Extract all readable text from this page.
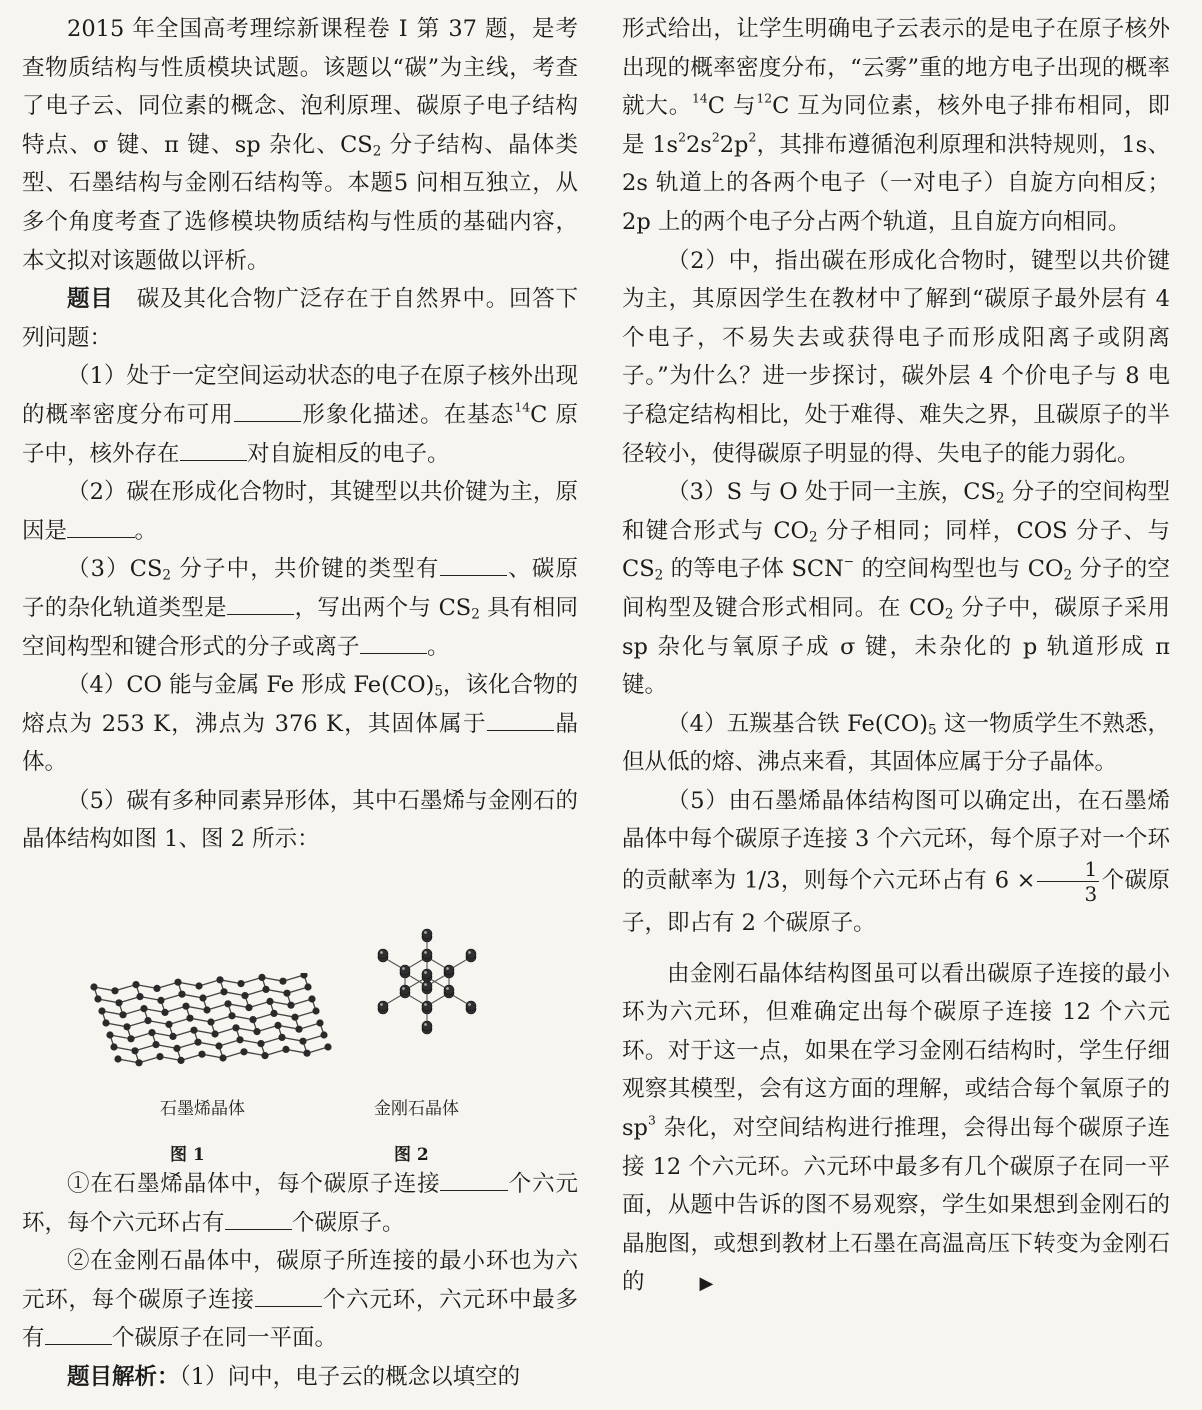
2015 年全国高考理综新课程卷 Ⅰ 第 37 题，是考查物质结构与性质模块试题。该题以“碳”为主线，考查了电子云、同位素的概念、泡利原理、碳原子电子结构特点、σ 键、π 键、sp 杂化、$CS_2$ 分子结构、晶体类型、石墨结构与金刚石结构等。本题5 问相互独立，从多个角度考查了选修模块物质结构与性质的基础内容，本文拟对该题做以评析。

题目　碳及其化合物广泛存在于自然界中。回答下列问题：

（1）处于一定空间运动状态的电子在原子核外出现的概率密度分布可用	形象化描述。在基态$^{14}$C 原子中，核外存在	对自旋相反的电子。

（2）碳在形成化合物时，其键型以共价键为主，原因是	。

$(3)CS_2$ 分子中，共价键的类型有	、碳原子的杂化轨道类型是	，写出两个与 $CS_2$ 具有相同空间构型和键合形式的分子或离子	。

（4）CO 能与金属 Fe 形成 $Fe(CO)_5$，该化合物的熔点为 253 K，沸点为 376 K，其固体属于	晶体。

（5）碳有多种同素异形体，其中石墨烯与金刚石的晶体结构如图 1、图 2 所示：

石墨烯晶体	金刚石晶体
图 1	图 2

①在石墨烯晶体中，每个碳原子连接	个六元环，每个六元环占有	个碳原子。

②在金刚石晶体中，碳原子所连接的最小环也为六元环，每个碳原子连接	个六元环，六元环中最多有	个碳原子在同一平面。

题目解析：（1）问中，电子云的概念以填空的

形式给出，让学生明确电子云表示的是电子在原子核外出现的概率密度分布，“云雾”重的地方电子出现的概率就大。$^{14}$C 与$^{12}$C 互为同位素，核外电子排布相同，即是 $1s^22s^22p^2$，其排布遵循泡利原理和洪特规则，1s、2s 轨道上的各两个电子（一对电子）自旋方向相反；2p 上的两个电子分占两个轨道，且自旋方向相同。

（2）中，指出碳在形成化合物时，键型以共价键为主，其原因学生在教材中了解到“碳原子最外层有 4 个电子，不易失去或获得电子而形成阳离子或阴离子。”为什么？进一步探讨，碳外层 4 个价电子与 8 电子稳定结构相比，处于难得、难失之界，且碳原子的半径较小，使得碳原子明显的得、失电子的能力弱化。

（3）S 与 O 处于同一主族，$CS_2$ 分子的空间构型和键合形式与 $CO_2$ 分子相同；同样，COS 分子、与 $CS_2$ 的等电子体 SCN− 的空间构型也与 $CO_2$ 分子的空间构型及键合形式相同。在 $CO_2$ 分子中，碳原子采用 sp 杂化与氧原子成 σ 键，未杂化的 p 轨道形成 π 键。

（4）五羰基合铁 $Fe(CO)_5$ 这一物质学生不熟悉，但从低的熔、沸点来看，其固体应属于分子晶体。

（5）由石墨烯晶体结构图可以确定出，在石墨烯晶体中每个碳原子连接 3 个六元环，每个原子对一个环的贡献率为 1/3，则每个六元环占有 $6 \times \frac{1}{3}$ 个碳原子，即占有 2 个碳原子。

由金刚石晶体结构图虽可以看出碳原子连接的最小环为六元环，但难确定出每个碳原子连接 12 个六元环。对于这一点，如果在学习金刚石结构时，学生仔细观察其模型，会有这方面的理解，或结合每个氧原子的 $sp^3$ 杂化，对空间结构进行推理，会得出每个碳原子连接 12 个六元环。六元环中最多有几个碳原子在同一平面，从题中告诉的图不易观察，学生如果想到金刚石的晶胞图，或想到教材上石墨在高温高压下转变为金刚石的	▶
